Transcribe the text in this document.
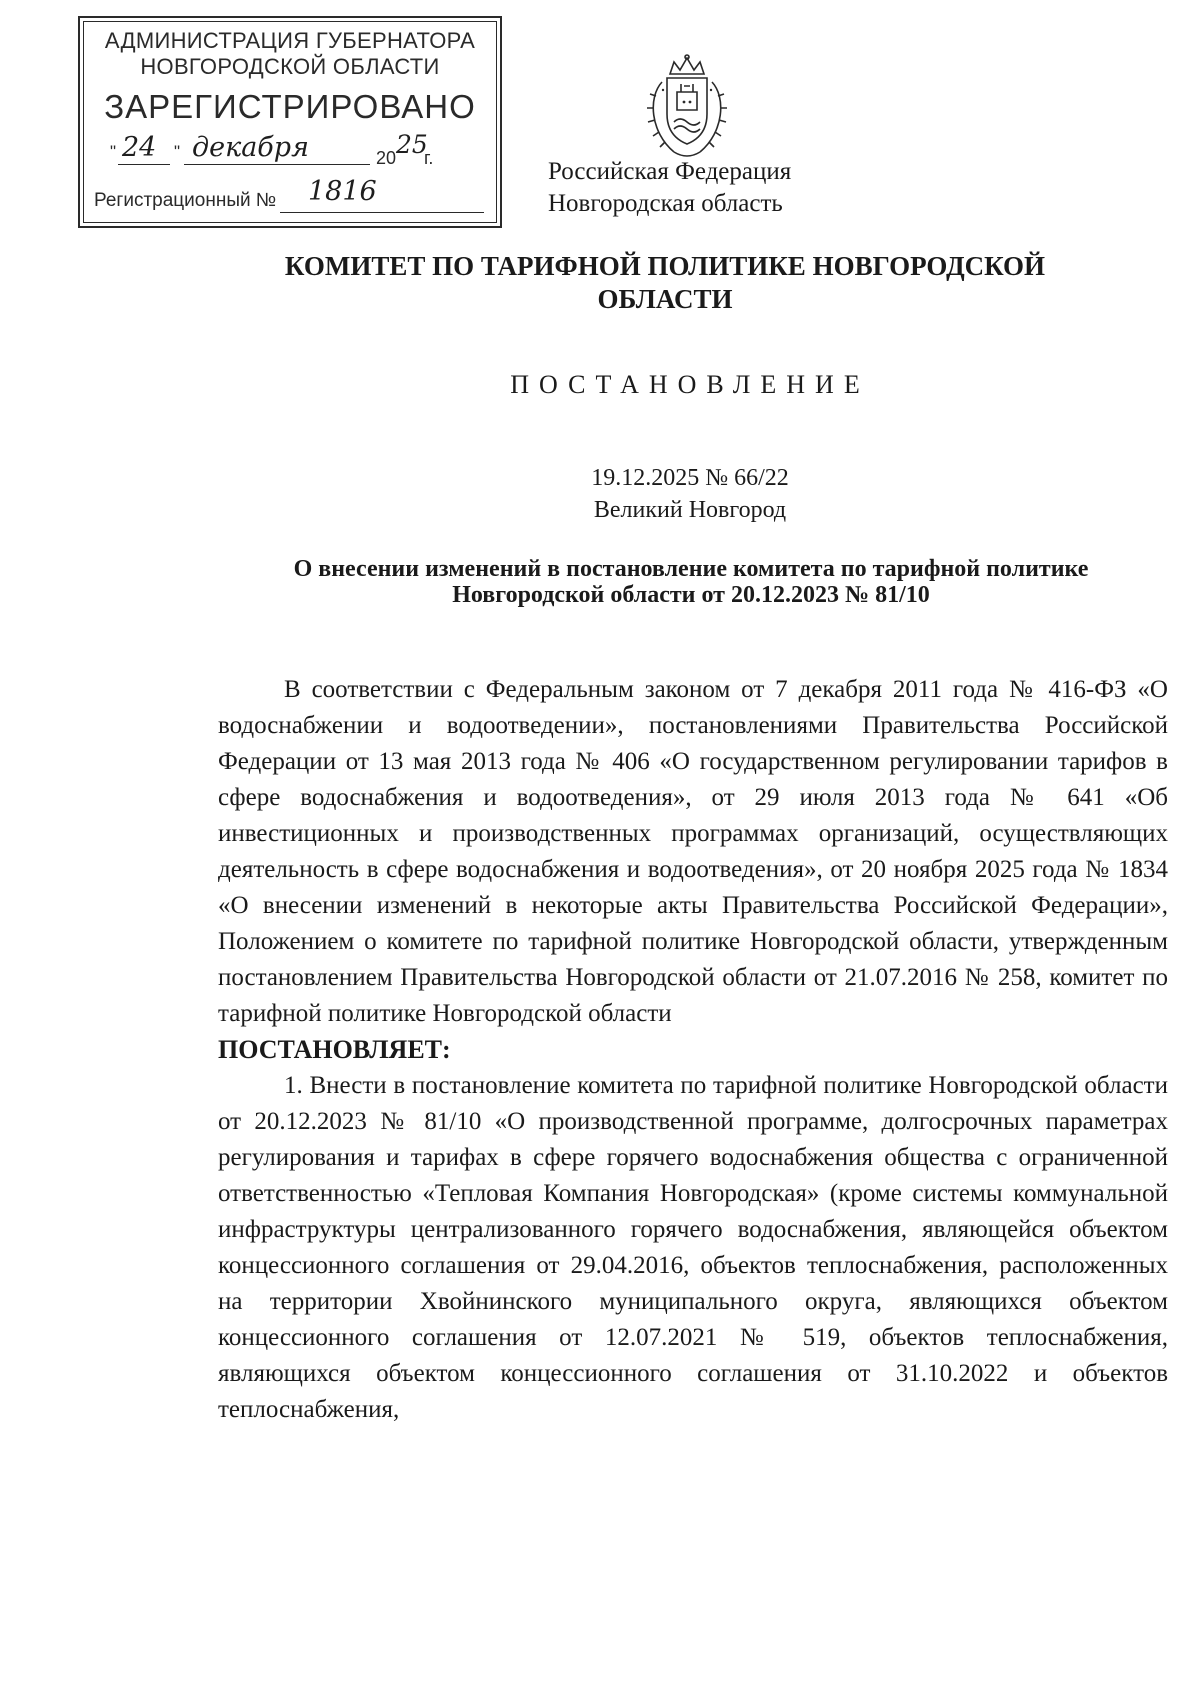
АДМИНИСТРАЦИЯ ГУБЕРНАТОРА
НОВГОРОДСКОЙ ОБЛАСТИ
ЗАРЕГИСТРИРОВАНО
" 24 " декабря	20 25
г.
Регистрационный № 1816
Российская Федерация
Новгородская область
КОМИТЕТ ПО ТАРИФНОЙ ПОЛИТИКЕ НОВГОРОДСКОЙ
ОБЛАСТИ
ПОСТАНОВЛЕНИЕ
19.12.2025 № 66/22
Великий Новгород
О внесении изменений в постановление комитета по тарифной политике
Новгородской области от 20.12.2023 № 81/10

В соответствии с Федеральным законом от 7 декабря 2011 года № 416-ФЗ «О водоснабжении и водоотведении», постановлениями Правительства Российской Федерации от 13 мая 2013 года № 406 «О государственном регулировании тарифов в сфере водоснабжения и водоотведения», от 29 июля 2013 года № 641 «Об инвестиционных и производственных программах организаций, осуществляющих деятельность в сфере водоснабжения и водоотведения», от 20 ноября 2025 года № 1834 «О внесении изменений в некоторые акты Правительства Российской Федерации», Положением о комитете по тарифной политике Новгородской области, утвержденным постановлением Правительства Новгородской области от 21.07.2016 № 258, комитет по тарифной политике Новгородской области

ПОСТАНОВЛЯЕТ:

1. Внести в постановление комитета по тарифной политике Новгородской области от 20.12.2023 № 81/10 «О производственной программе, долгосрочных параметрах регулирования и тарифах в сфере горячего водоснабжения общества с ограниченной ответственностью «Тепловая Компания Новгородская» (кроме системы коммунальной инфраструктуры централизованного горячего водоснабжения, являющейся объектом концессионного соглашения от 29.04.2016, объектов теплоснабжения, расположенных на территории Хвойнинского муниципального округа, являющихся объектом концессионного соглашения от 12.07.2021 № 519, объектов теплоснабжения, являющихся объектом концессионного соглашения от 31.10.2022 и объектов теплоснабжения,
